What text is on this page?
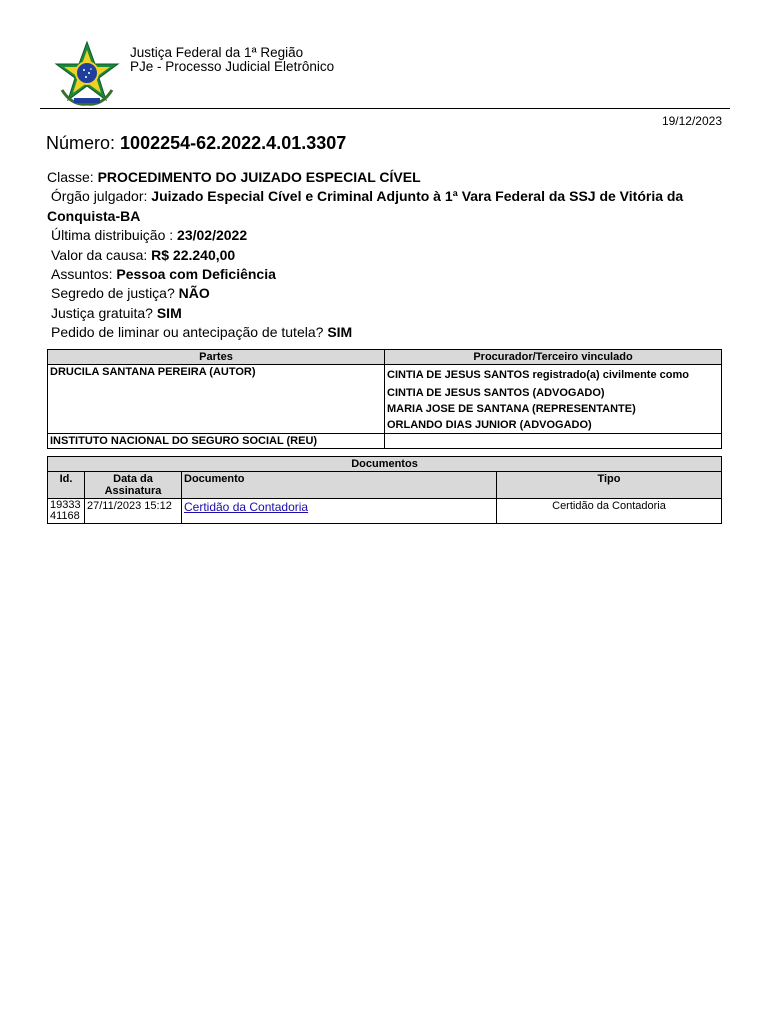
Justiça Federal da 1ª Região
PJe - Processo Judicial Eletrônico
19/12/2023
Número: 1002254-62.2022.4.01.3307
Classe: PROCEDIMENTO DO JUIZADO ESPECIAL CÍVEL
Órgão julgador: Juizado Especial Cível e Criminal Adjunto à 1ª Vara Federal da SSJ de Vitória da Conquista-BA
Última distribuição : 23/02/2022
Valor da causa: R$ 22.240,00
Assuntos: Pessoa com Deficiência
Segredo de justiça? NÃO
Justiça gratuita? SIM
Pedido de liminar ou antecipação de tutela? SIM
Partes	Procurador/Terceiro vinculado
DRUCILA SANTANA PEREIRA (AUTOR)	CINTIA DE JESUS SANTOS registrado(a) civilmente como
CINTIA DE JESUS SANTOS (ADVOGADO)
MARIA JOSE DE SANTANA (REPRESENTANTE)
ORLANDO DIAS JUNIOR (ADVOGADO)

INSTITUTO NACIONAL DO SEGURO SOCIAL (REU)	
Documentos			
Id.	Data da Assinatura	Documento	Tipo

19333
41168	27/11/2023 15:12	Certidão da Contadoria	Certidão da Contadoria
